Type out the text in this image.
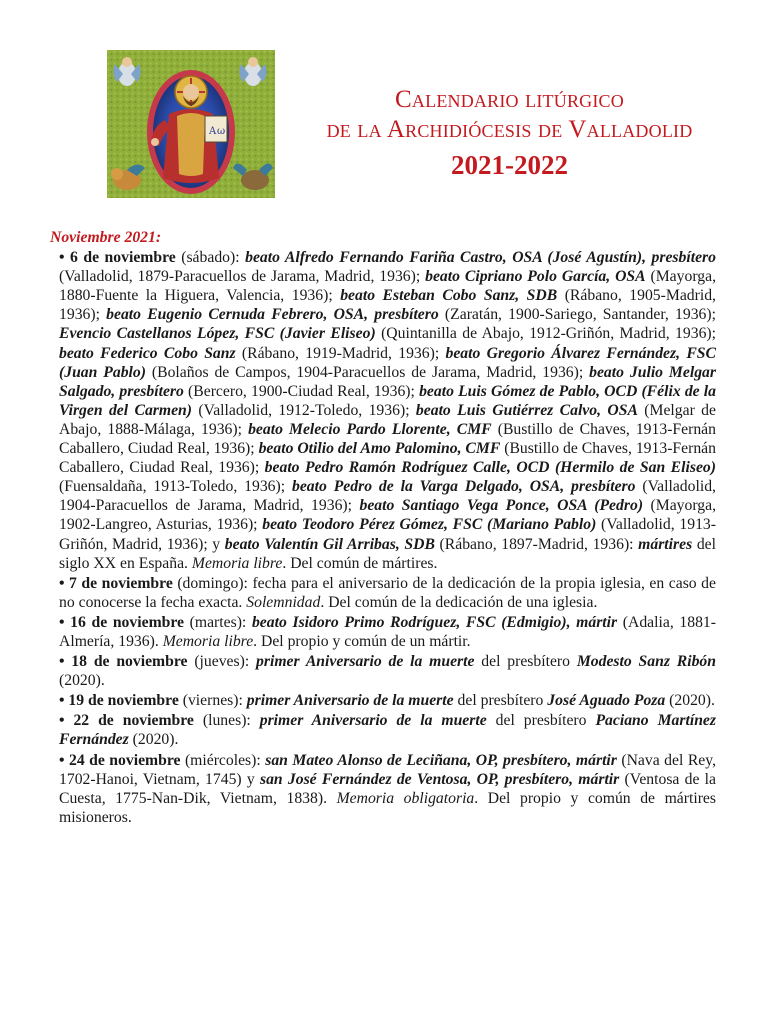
Α ω
Calendario litúrgico
de la Archidiócesis de Valladolid
2021-2022
Noviembre 2021:

• 6 de noviembre (sábado): beato Alfredo Fernando Fariña Castro, OSA (José Agustín), presbítero (Valladolid, 1879-Paracuellos de Jarama, Madrid, 1936); beato Cipriano Polo García, OSA (Mayorga, 1880-Fuente la Higuera, Valencia, 1936); beato Esteban Cobo Sanz, SDB (Rábano, 1905-Madrid, 1936); beato Eugenio Cernuda Febrero, OSA, presbítero (Zaratán, 1900-Sariego, Santander, 1936); Evencio Castellanos López, FSC (Javier Eliseo) (Quintanilla de Abajo, 1912-Griñón, Madrid, 1936); beato Federico Cobo Sanz (Rábano, 1919-Madrid, 1936); beato Gregorio Álvarez Fernández, FSC (Juan Pablo) (Bolaños de Campos, 1904-Paracuellos de Jarama, Madrid, 1936); beato Julio Melgar Salgado, presbítero (Bercero, 1900-Ciudad Real, 1936); beato Luis Gómez de Pablo, OCD (Félix de la Virgen del Carmen) (Valladolid, 1912-Toledo, 1936); beato Luis Gutiérrez Calvo, OSA (Melgar de Abajo, 1888-Málaga, 1936); beato Melecio Pardo Llorente, CMF (Bustillo de Chaves, 1913-Fernán Caballero, Ciudad Real, 1936); beato Otilio del Amo Palomino, CMF (Bustillo de Chaves, 1913-Fernán Caballero, Ciudad Real, 1936); beato Pedro Ramón Rodríguez Calle, OCD (Hermilo de San Eliseo) (Fuensaldaña, 1913-Toledo, 1936); beato Pedro de la Varga Delgado, OSA, presbítero (Valladolid, 1904-Paracuellos de Jarama, Madrid, 1936); beato Santiago Vega Ponce, OSA (Pedro) (Mayorga, 1902-Langreo, Asturias, 1936); beato Teodoro Pérez Gómez, FSC (Mariano Pablo) (Valladolid, 1913-Griñón, Madrid, 1936); y beato Valentín Gil Arribas, SDB (Rábano, 1897-Madrid, 1936): mártires del siglo XX en España. Memoria libre. Del común de mártires.

• 7 de noviembre (domingo): fecha para el aniversario de la dedicación de la propia iglesia, en caso de no conocerse la fecha exacta. Solemnidad. Del común de la dedicación de una iglesia.

• 16 de noviembre (martes): beato Isidoro Primo Rodríguez, FSC (Edmigio), mártir (Adalia, 1881-Almería, 1936). Memoria libre. Del propio y común de un mártir.

• 18 de noviembre (jueves): primer Aniversario de la muerte del presbítero Modesto Sanz Ribón (2020).

• 19 de noviembre (viernes): primer Aniversario de la muerte del presbítero José Aguado Poza (2020).

• 22 de noviembre (lunes): primer Aniversario de la muerte del presbítero Paciano Martínez Fernández (2020).

• 24 de noviembre (miércoles): san Mateo Alonso de Leciñana, OP, presbítero, mártir (Nava del Rey, 1702-Hanoi, Vietnam, 1745) y san José Fernández de Ventosa, OP, presbítero, mártir (Ventosa de la Cuesta, 1775-Nan-Dik, Vietnam, 1838). Memoria obligatoria. Del propio y común de mártires misioneros.
